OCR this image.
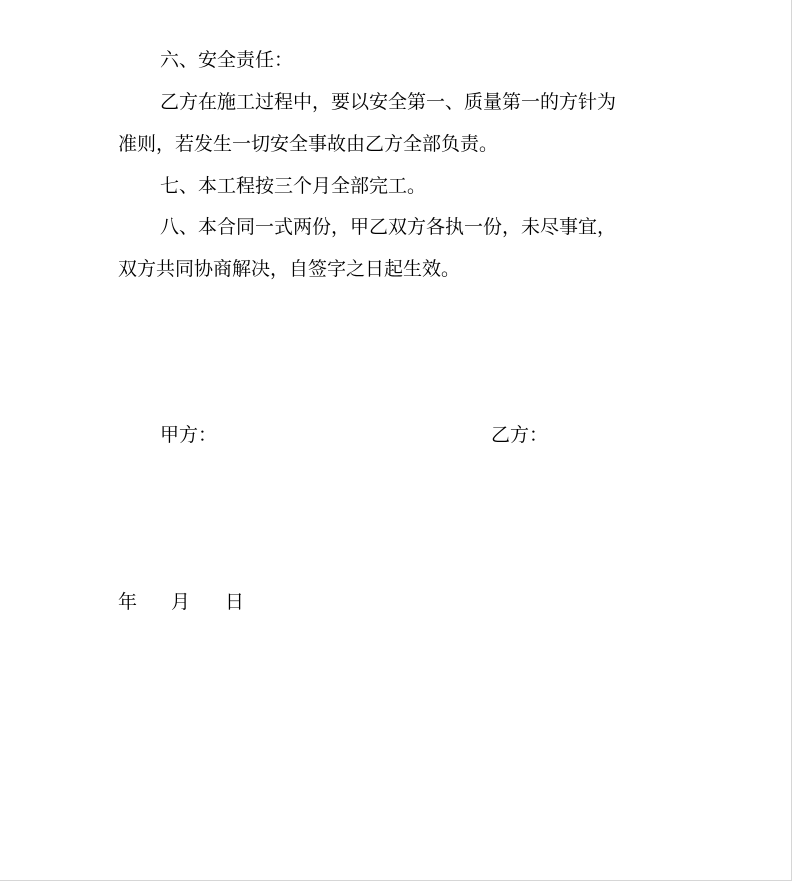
六、安全责任：
乙方在施工过程中，要以安全第一、质量第一的方针为
准则，若发生一切安全事故由乙方全部负责。
七、本工程按三个月全部完工。
八、本合同一式两份，甲乙双方各执一份，未尽事宜，
双方共同协商解决，自签字之日起生效。
甲方：	乙方：
年 月 日
